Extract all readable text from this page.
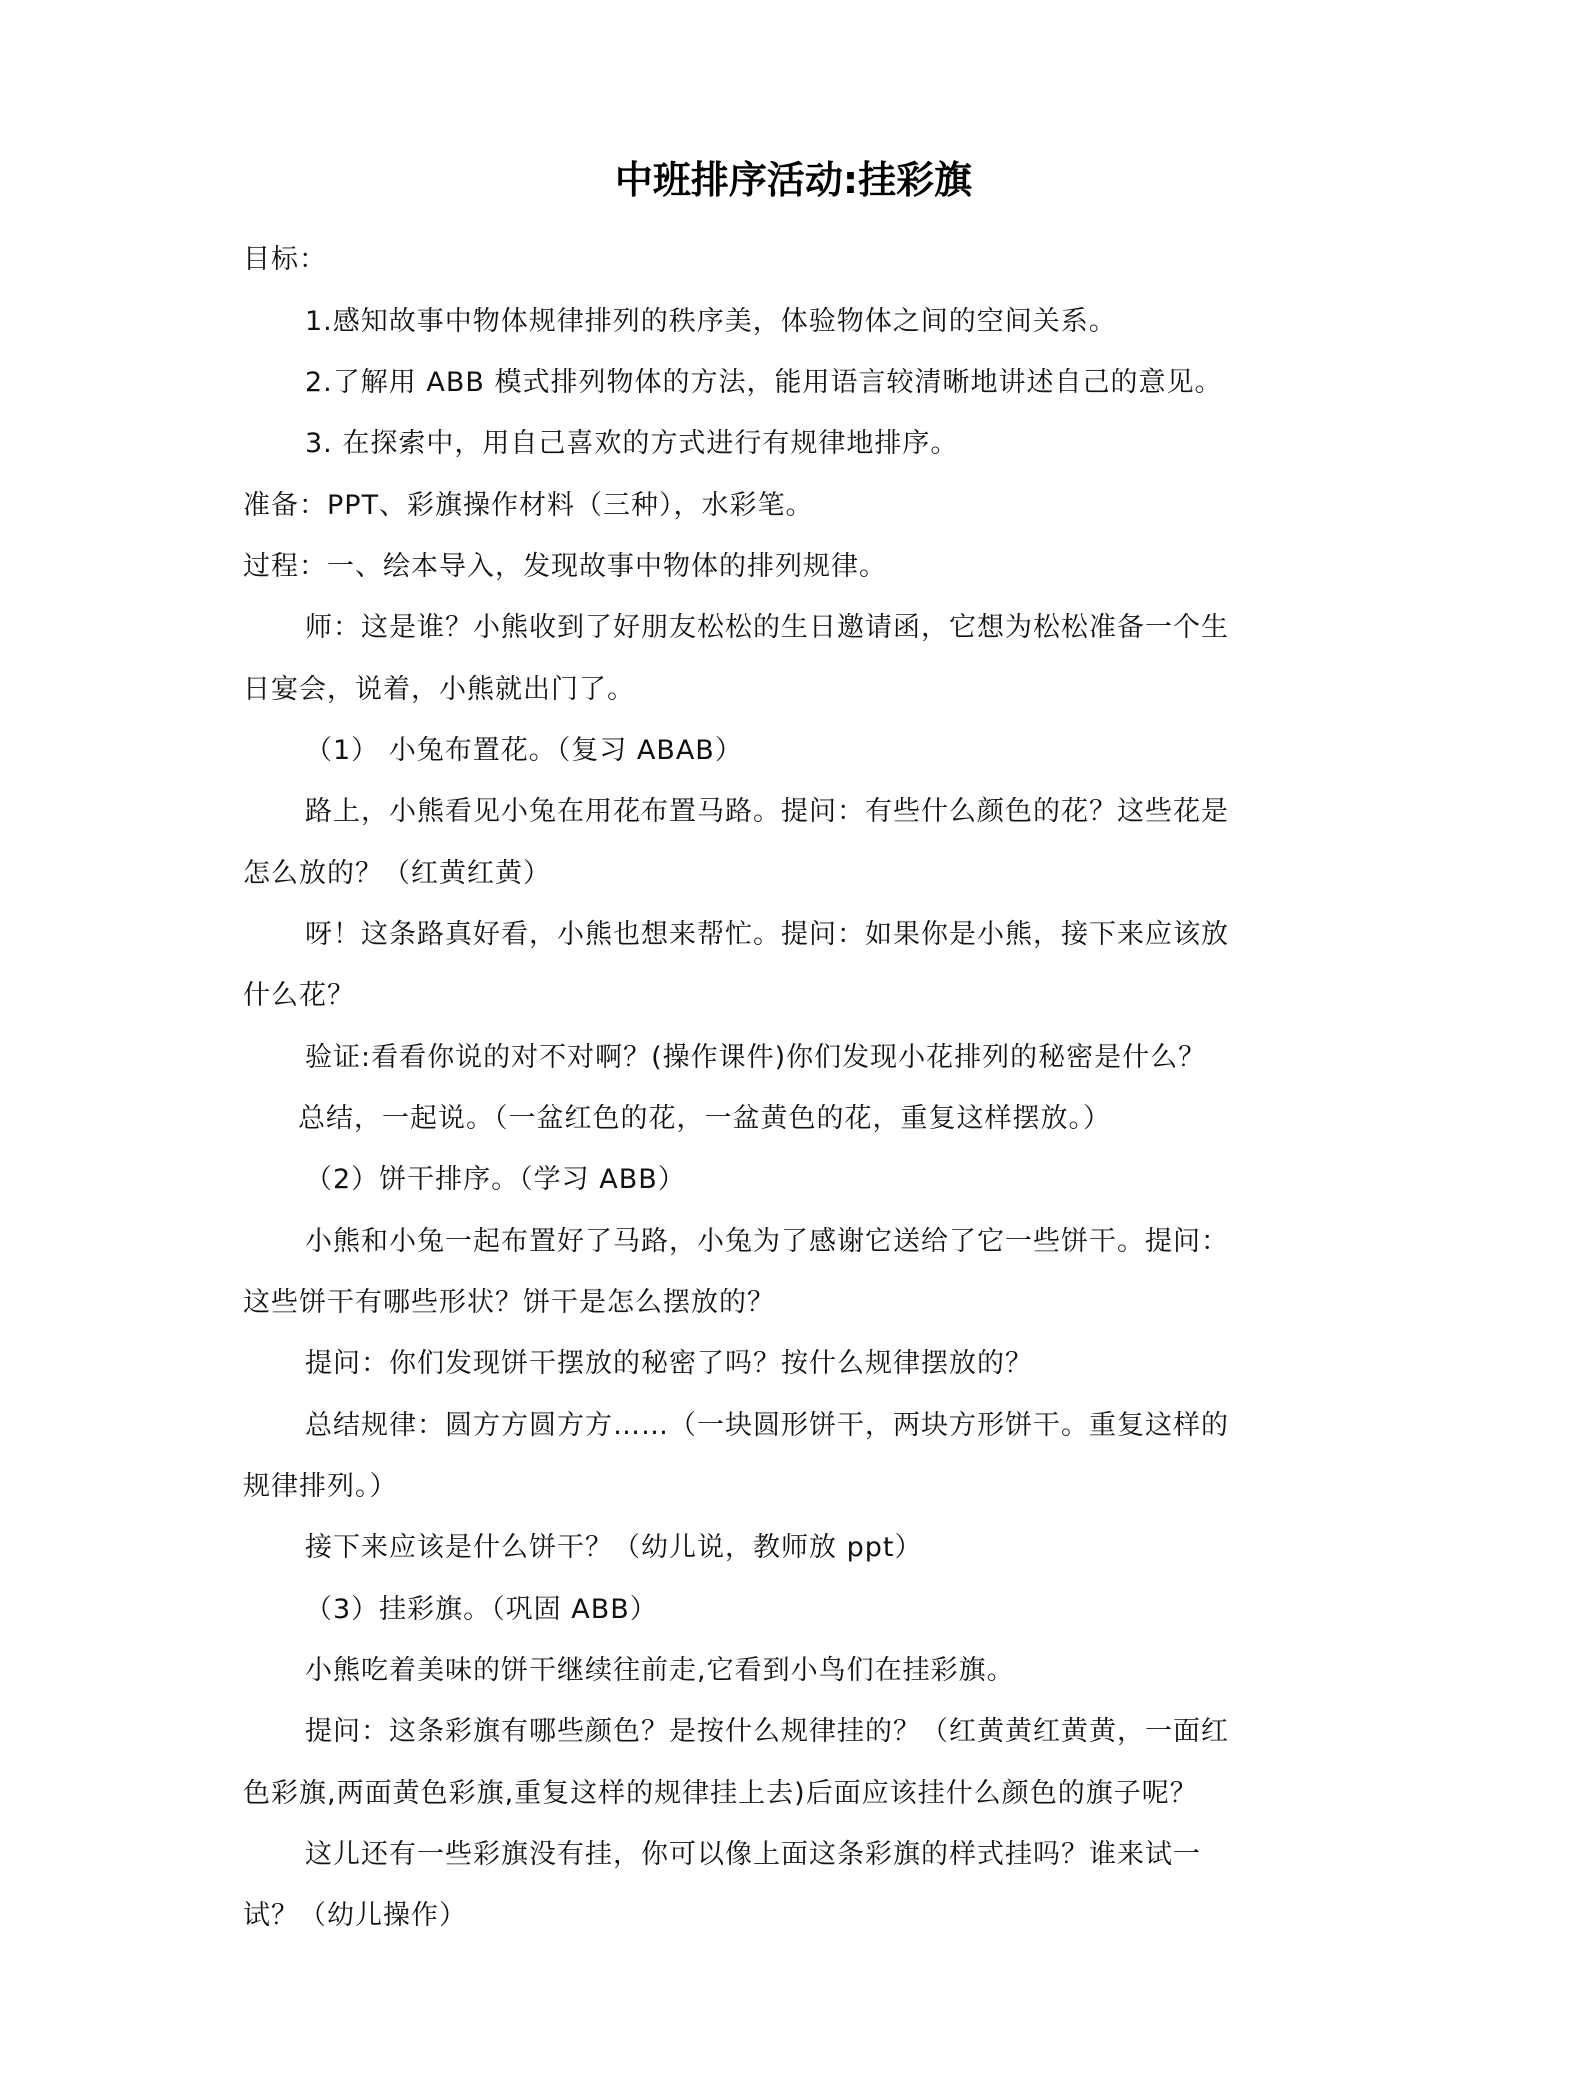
中班排序活动:挂彩旗
目标：
1.感知故事中物体规律排列的秩序美，体验物体之间的空间关系。
2.了解用 ABB 模式排列物体的方法，能用语言较清晰地讲述自己的意见。
3. 在探索中，用自己喜欢的方式进行有规律地排序。
准备：PPT、彩旗操作材料（三种），水彩笔。
过程：一、绘本导入，发现故事中物体的排列规律。
师：这是谁？小熊收到了好朋友松松的生日邀请函，它想为松松准备一个生
日宴会，说着，小熊就出门了。
（1） 小兔布置花。（复习 ABAB）
路上，小熊看见小兔在用花布置马路。提问：有些什么颜色的花？这些花是
怎么放的？（红黄红黄）
呀！这条路真好看，小熊也想来帮忙。提问：如果你是小熊，接下来应该放
什么花？
验证:看看你说的对不对啊？(操作课件)你们发现小花排列的秘密是什么？
总结，一起说。（一盆红色的花，一盆黄色的花，重复这样摆放。）
（2）饼干排序。（学习 ABB）
小熊和小兔一起布置好了马路，小兔为了感谢它送给了它一些饼干。提问：
这些饼干有哪些形状？饼干是怎么摆放的？
提问：你们发现饼干摆放的秘密了吗？按什么规律摆放的？
总结规律：圆方方圆方方……（一块圆形饼干，两块方形饼干。重复这样的
规律排列。）
接下来应该是什么饼干？（幼儿说，教师放 ppt）
（3）挂彩旗。（巩固 ABB）
小熊吃着美味的饼干继续往前走,它看到小鸟们在挂彩旗。
提问：这条彩旗有哪些颜色？是按什么规律挂的？（红黄黄红黄黄，一面红
色彩旗,两面黄色彩旗,重复这样的规律挂上去)后面应该挂什么颜色的旗子呢？
这儿还有一些彩旗没有挂，你可以像上面这条彩旗的样式挂吗？谁来试一
试？（幼儿操作）
